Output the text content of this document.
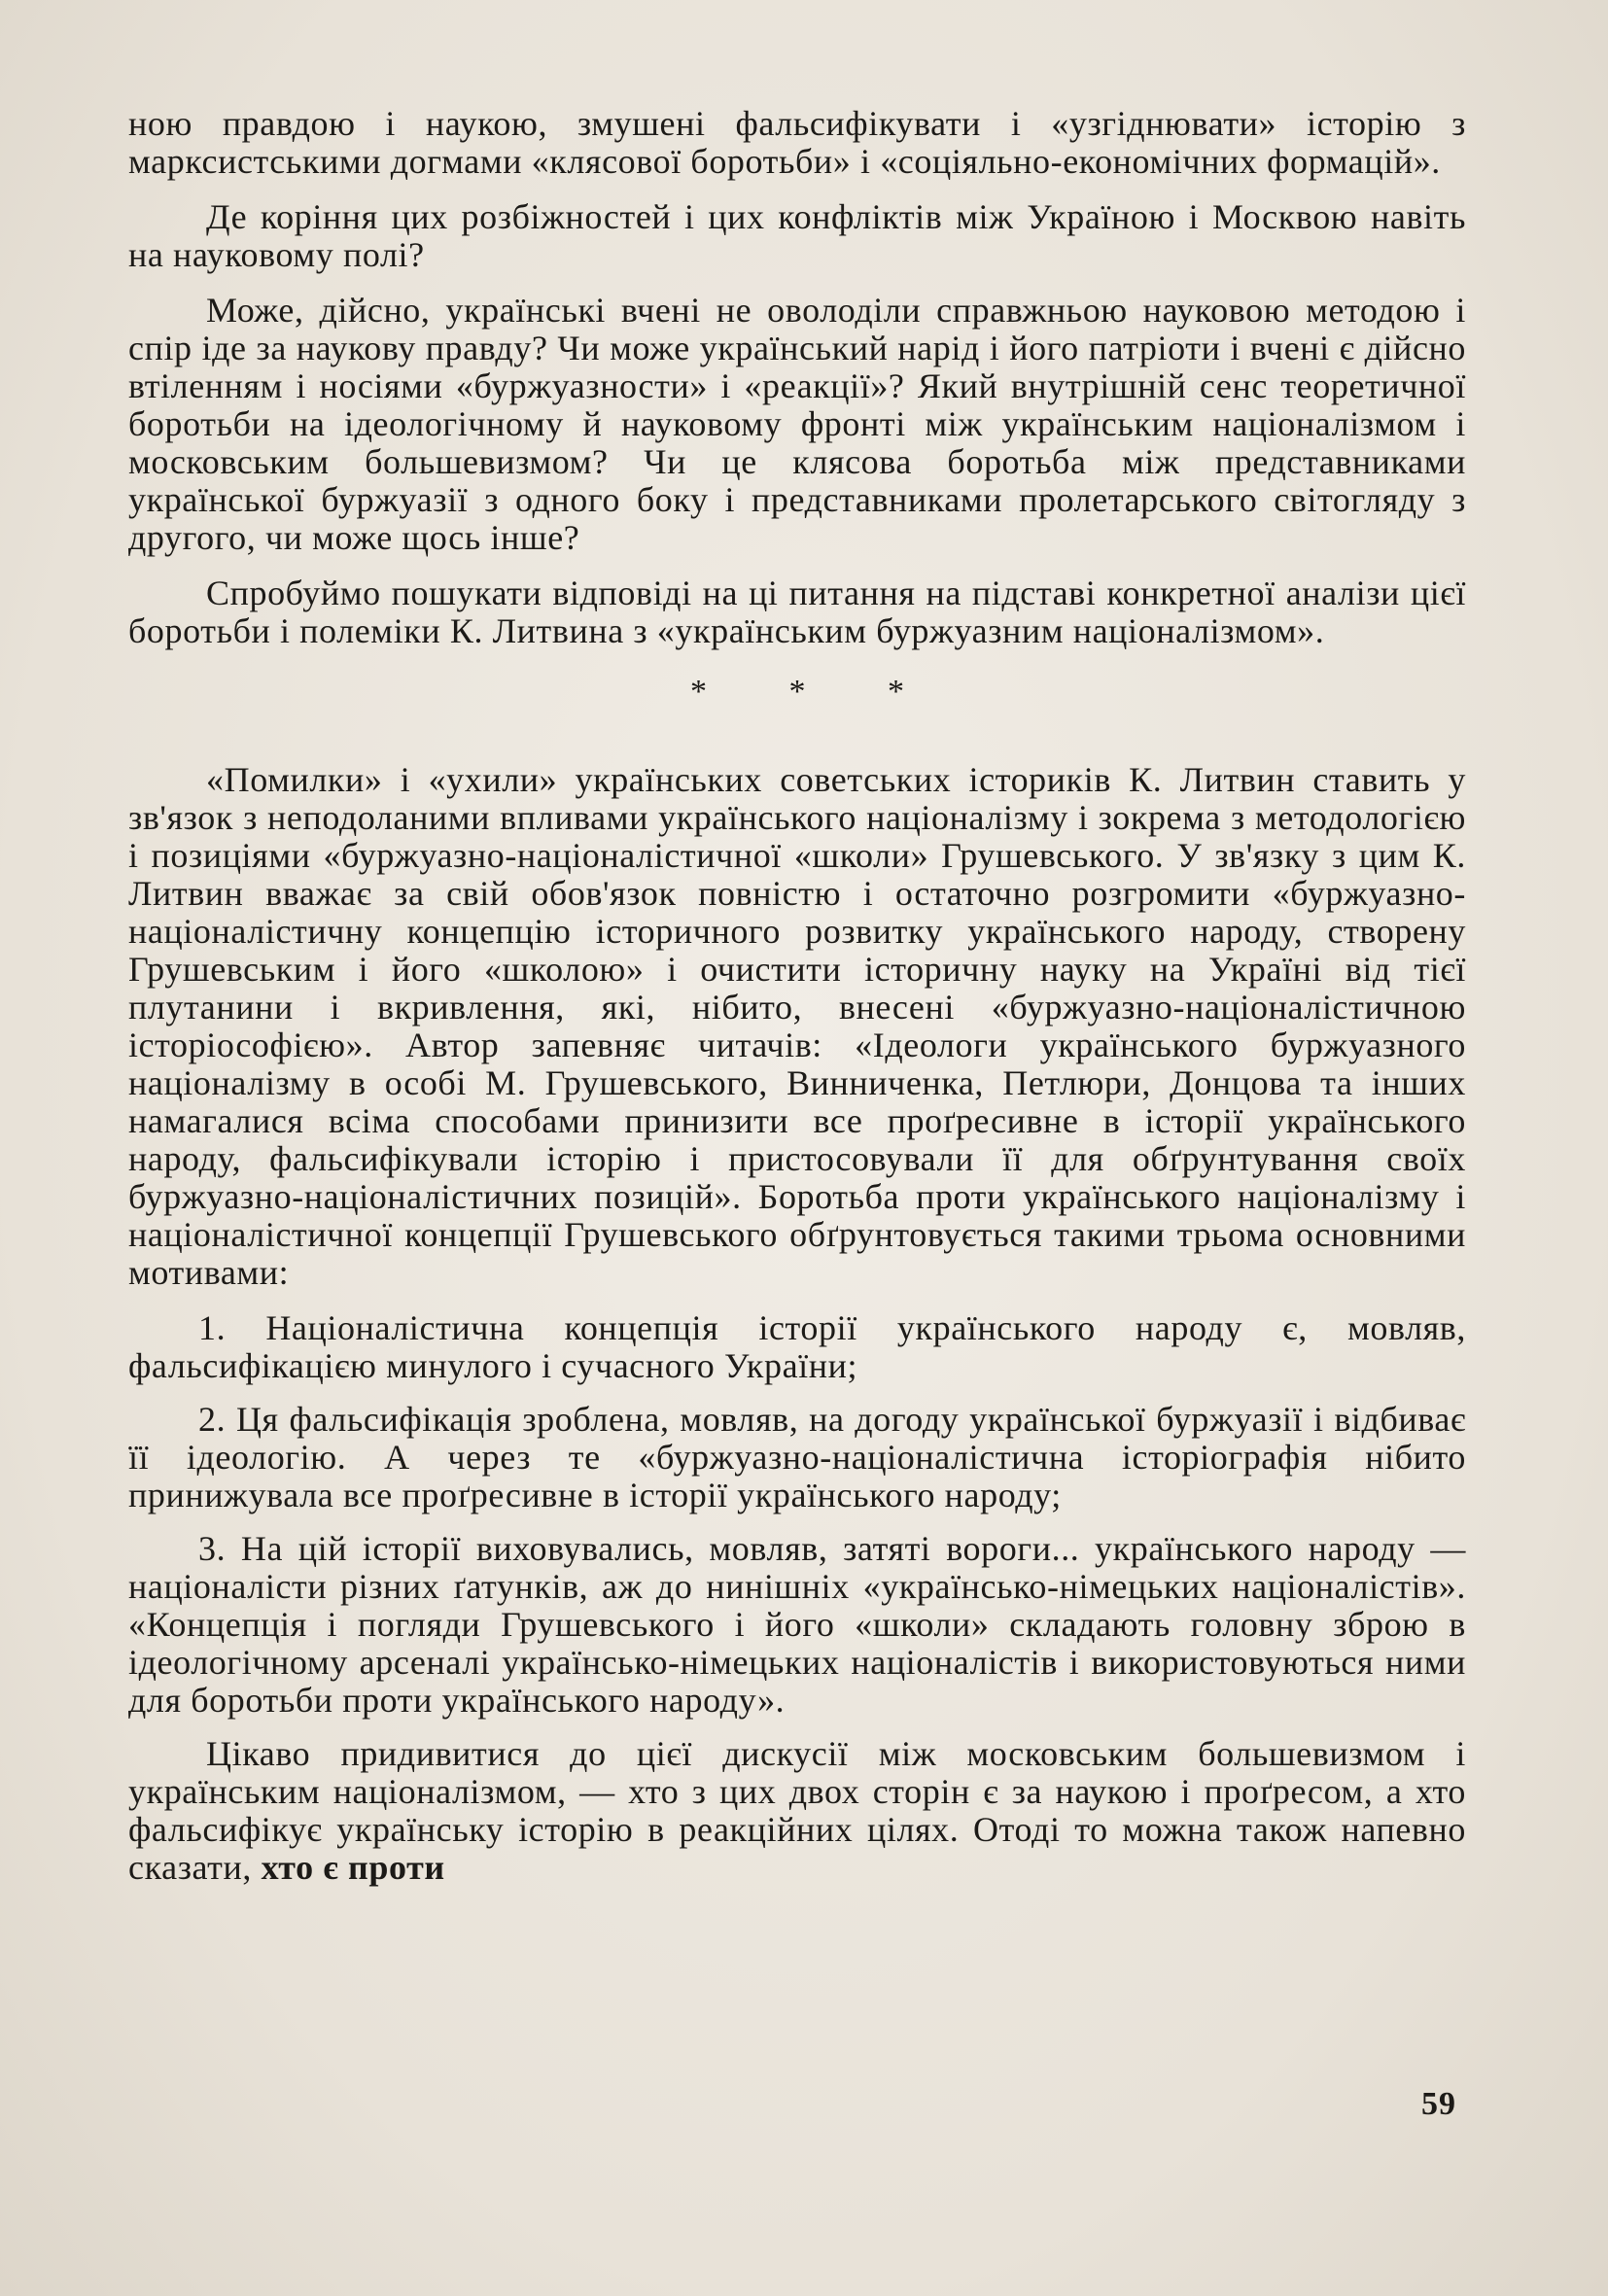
ною правдою і наукою, змушені фальсифікувати і «узгіднювати» історію з марксистськими догмами «клясової боротьби» і «соціяльно-економічних формацій».

Де коріння цих розбіжностей і цих конфліктів між Україною і Москвою навіть на науковому полі?

Може, дійсно, українські вчені не оволоділи справжньою науковою методою і спір іде за наукову правду? Чи може український нарід і його патріоти і вчені є дійсно втіленням і носіями «буржуазности» і «реакції»? Який внутрішній сенс теоретичної боротьби на ідеологічному й науковому фронті між українським націоналізмом і московським большевизмом? Чи це клясова боротьба між представниками української буржуазії з одного боку і представниками пролетарського світогляду з другого, чи може щось інше?

Спробуймо пошукати відповіді на ці питання на підставі конкретної аналізи цієї боротьби і полеміки К. Литвина з «українським буржуазним націоналізмом».

* * *

«Помилки» і «ухили» українських советських істориків К. Литвин ставить у зв'язок з неподоланими впливами українського націоналізму і зокрема з методологією і позиціями «буржуазно-націоналістичної «школи» Грушевського. У зв'язку з цим К. Литвин вважає за свій обов'язок повністю і остаточно розгромити «буржуазно-націоналістичну концепцію історичного розвитку українського народу, створену Грушевським і його «школою» і очистити історичну науку на Україні від тієї плутанини і вкривлення, які, нібито, внесені «буржуазно-націоналістичною історіософією». Автор запевняє читачів: «Ідеологи українського буржуазного націоналізму в особі М. Грушевського, Винниченка, Петлюри, Донцова та інших намагалися всіма способами принизити все проґресивне в історії українського народу, фальсифікували історію і пристосовували її для обґрунтування своїх буржуазно-націоналістичних позицій». Боротьба проти українського націоналізму і націоналістичної концепції Грушевського обґрунтовується такими трьома основними мотивами:

1. Націоналістична концепція історії українського народу є, мовляв, фальсифікацією минулого і сучасного України;

2. Ця фальсифікація зроблена, мовляв, на догоду української буржуазії і відбиває її ідеологію. А через те «буржуазно-націоналістична історіографія нібито принижувала все проґресивне в історії українського народу;

3. На цій історії виховувались, мовляв, затяті вороги... українського народу — націоналісти різних ґатунків, аж до нинішніх «українсько-німецьких націоналістів». «Концепція і погляди Грушевського і його «школи» складають головну зброю в ідеологічному арсеналі українсько-німецьких націоналістів і використовуються ними для боротьби проти українського народу».

Цікаво придивитися до цієї дискусії між московським большевизмом і українським націоналізмом, — хто з цих двох сторін є за наукою і проґресом, а хто фальсифікує українську історію в реакційних цілях. Отоді то можна також напевно сказати, хто є проти

59
